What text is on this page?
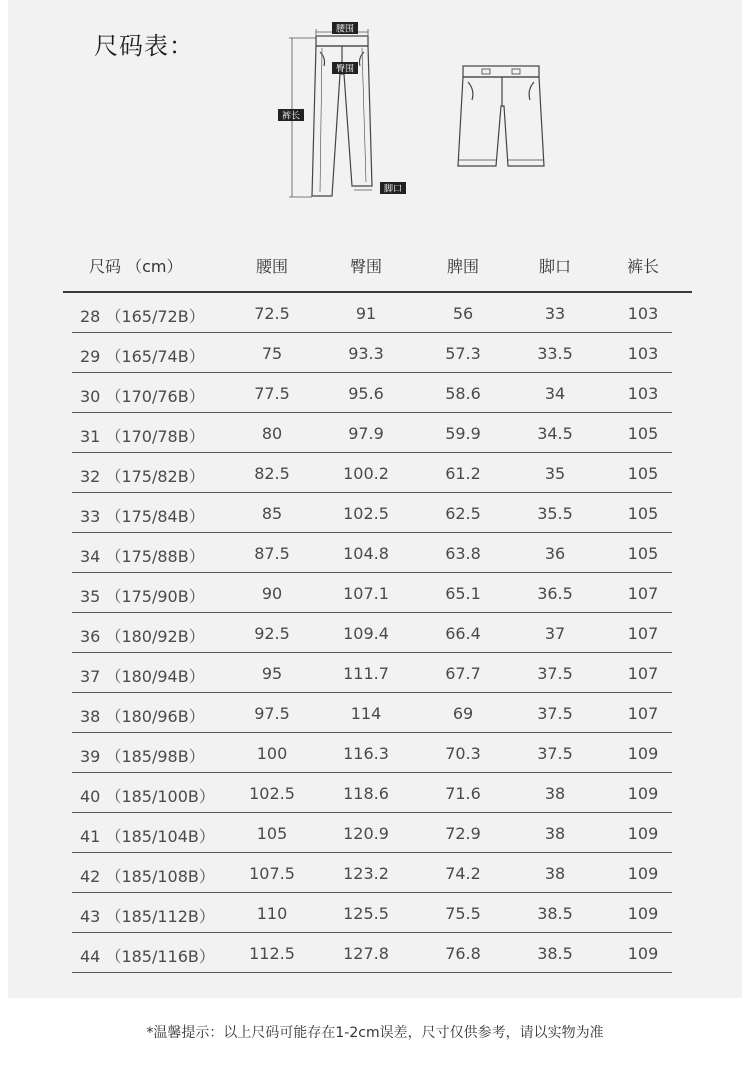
尺码表：
腰围
臀围
裤长
脚口
尺码 （cm）	腰围	臀围	脾围	脚口	裤长
28 （165/72B）	72.5	91	56	33	103
29 （165/74B）	75	93.3	57.3	33.5	103
30 （170/76B）	77.5	95.6	58.6	34	103
31 （170/78B）	80	97.9	59.9	34.5	105
32 （175/82B）	82.5	100.2	61.2	35	105
33 （175/84B）	85	102.5	62.5	35.5	105
34 （175/88B）	87.5	104.8	63.8	36	105
35 （175/90B）	90	107.1	65.1	36.5	107
36 （180/92B）	92.5	109.4	66.4	37	107
37 （180/94B）	95	111.7	67.7	37.5	107
38 （180/96B）	97.5	114	69	37.5	107
39 （185/98B）	100	116.3	70.3	37.5	109
40 （185/100B） 102.5	118.6	71.6	38	109
41 （185/104B）	105	120.9	72.9	38	109
42 （185/108B） 107.5	123.2	74.2	38	109
43 （185/112B）	110	125.5	75.5	38.5	109
44 （185/116B） 112.5	127.8	76.8	38.5	109
*温馨提示：以上尺码可能存在1-2cm误差，尺寸仅供参考，请以实物为准
